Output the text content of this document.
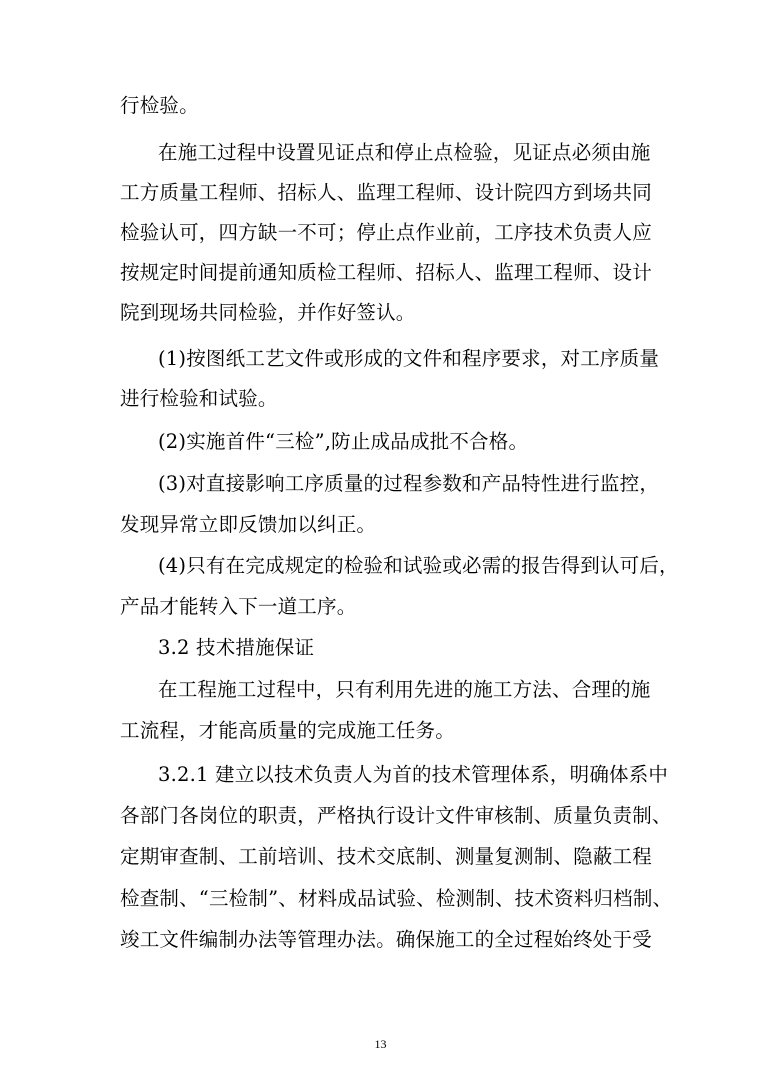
行检验。
在施工过程中设置见证点和停止点检验，见证点必须由施
工方质量工程师、招标人、监理工程师、设计院四方到场共同
检验认可，四方缺一不可；停止点作业前，工序技术负责人应
按规定时间提前通知质检工程师、招标人、监理工程师、设计
院到现场共同检验，并作好签认。
(1)按图纸工艺文件或形成的文件和程序要求，对工序质量
进行检验和试验。
(2)实施首件“三检”,防止成品成批不合格。
(3)对直接影响工序质量的过程参数和产品特性进行监控，
发现异常立即反馈加以纠正。
(4)只有在完成规定的检验和试验或必需的报告得到认可后，
产品才能转入下一道工序。
3.2 技术措施保证
在工程施工过程中，只有利用先进的施工方法、合理的施
工流程，才能高质量的完成施工任务。
3.2.1 建立以技术负责人为首的技术管理体系，明确体系中
各部门各岗位的职责，严格执行设计文件审核制、质量负责制、
定期审查制、工前培训、技术交底制、测量复测制、隐蔽工程
检查制、“三检制”、材料成品试验、检测制、技术资料归档制、
竣工文件编制办法等管理办法。确保施工的全过程始终处于受
13
